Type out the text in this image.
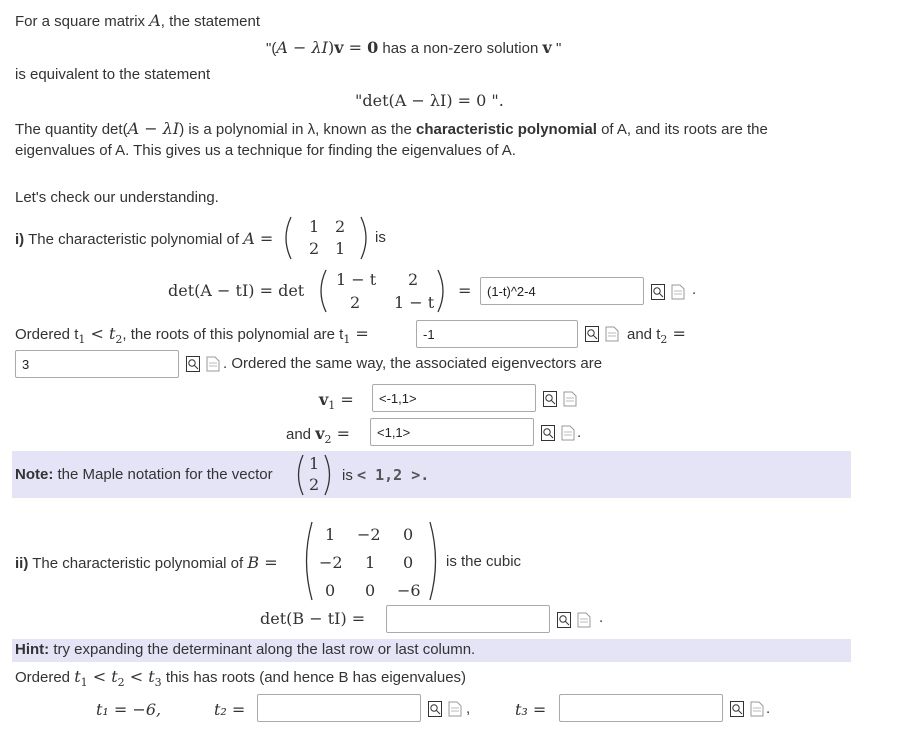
For a square matrix A, the statement
"(A − λI)v = 0 has a non-zero solution v "
is equivalent to the statement
"det(A − λI) = 0 ".
The quantity det(A − λI) is a polynomial in λ, known as the characteristic polynomial of A, and its roots are the
eigenvalues of A. This gives us a technique for finding the eigenvalues of A.
Let's check our understanding.
i) The characteristic polynomial of A =
1 2
2 1
is
det(A − tI) = det
1 − t 2
2 1 − t
=
(1-t)^2-4	.
Ordered $t_1 < t_2$, the roots of this polynomial are $t_1$ =
-1	and $t_2$ =
3
. Ordered the same way, the associated eigenvectors are
$v_1$ =
<-1,1>
and $v_2$ =
<1,1>	.
Note: the Maple notation for the vector
1
2 is < 1,2 >.
ii) The characteristic polynomial of B =
1 −2 0
−2 1 0
0 0 −6
is the cubic
det(B − tI) =	.
Hint: try expanding the determinant along the last row or last column.
Ordered $t_1 < t_2 < t_3$ this has roots (and hence B has eigenvalues)
t₁ = −6,	t₂ =	,	t₃ =	.
